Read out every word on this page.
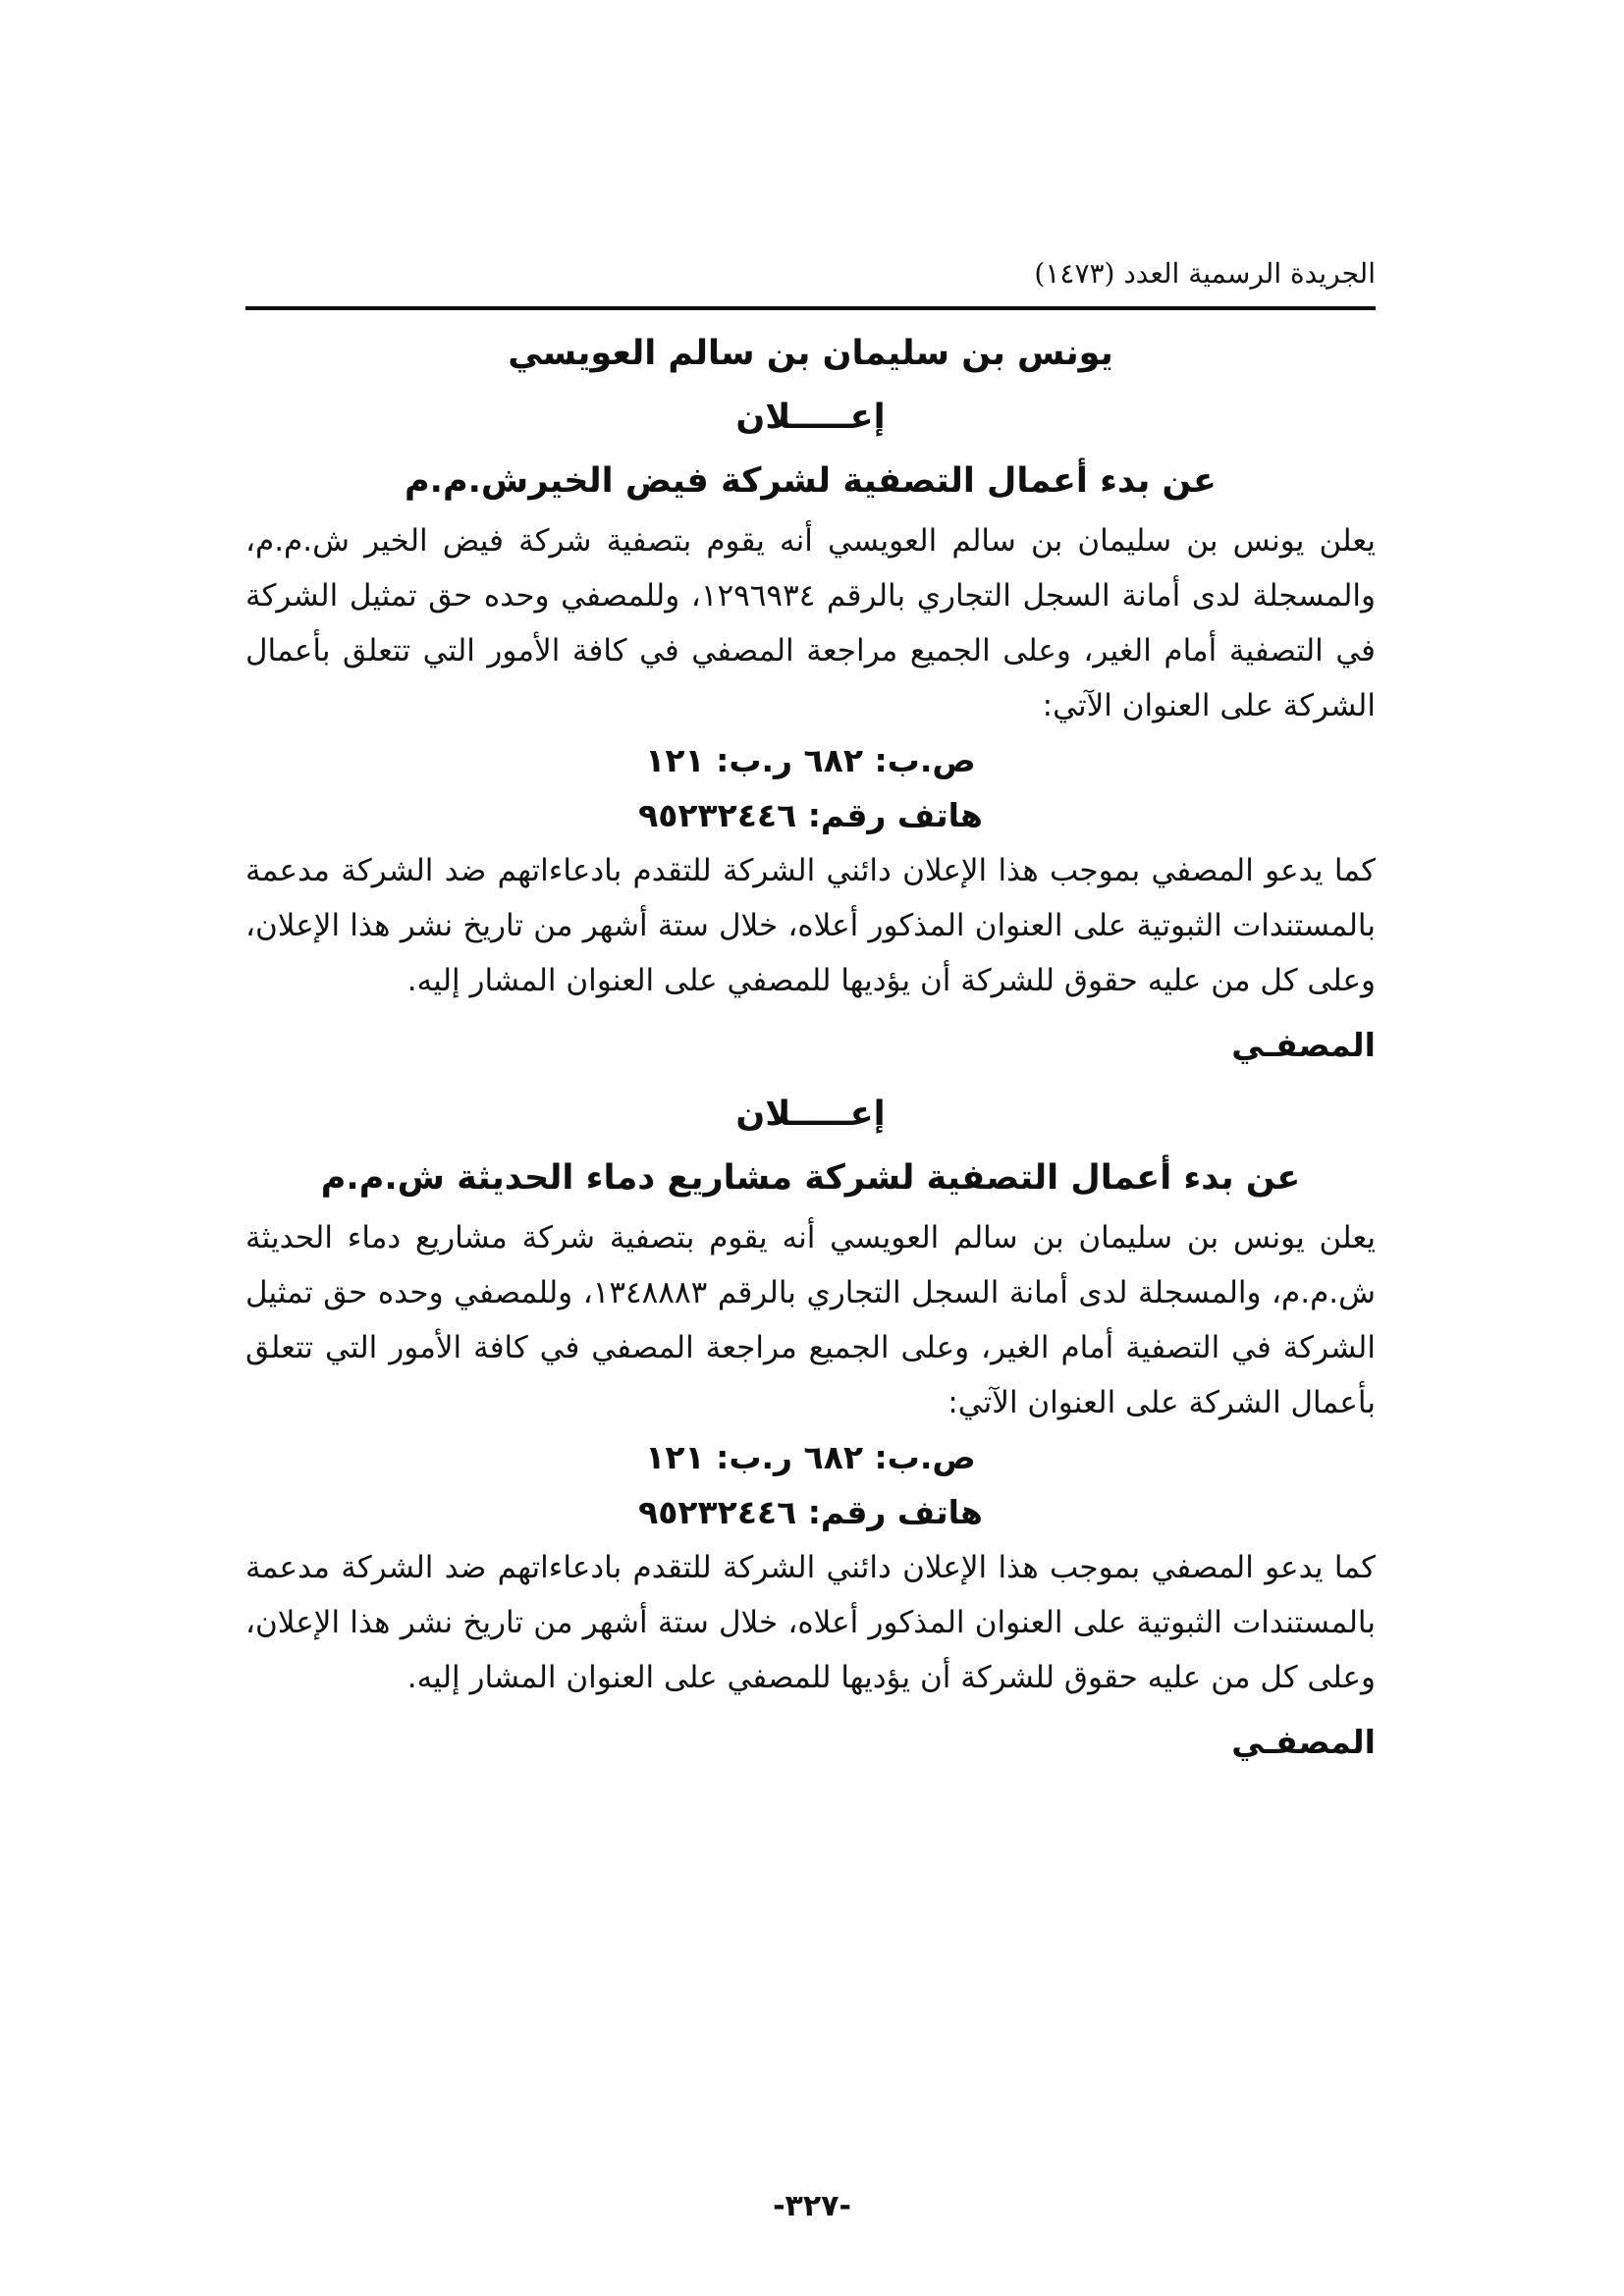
الجريدة الرسمية العدد (١٤٧٣)
يونس بن سليمان بن سالم العويسي
إعـــــلان
عن بدء أعمال التصفية لشركة فيض الخيرش.م.م

يعلن يونس بن سليمان بن سالم العويسي أنه يقوم بتصفية شركة فيض الخير ش.م.م، والمسجلة لدى أمانة السجل التجاري بالرقم ١٢٩٦٩٣٤، وللمصفي وحده حق تمثيل الشركة في التصفية أمام الغير، وعلى الجميع مراجعة المصفي في كافة الأمور التي تتعلق بأعمال الشركة على العنوان الآتي:

ص.ب: ٦٨٢ ر.ب: ١٢١
هاتف رقم: ٩٥٢٣٢٤٤٦

كما يدعو المصفي بموجب هذا الإعلان دائني الشركة للتقدم بادعاءاتهم ضد الشركة مدعمة بالمستندات الثبوتية على العنوان المذكور أعلاه، خلال ستة أشهر من تاريخ نشر هذا الإعلان، وعلى كل من عليه حقوق للشركة أن يؤديها للمصفي على العنوان المشار إليه.

المصفـي
إعـــــلان
عن بدء أعمال التصفية لشركة مشاريع دماء الحديثة ش.م.م

يعلن يونس بن سليمان بن سالم العويسي أنه يقوم بتصفية شركة مشاريع دماء الحديثة ش.م.م، والمسجلة لدى أمانة السجل التجاري بالرقم ١٣٤٨٨٨٣، وللمصفي وحده حق تمثيل الشركة في التصفية أمام الغير، وعلى الجميع مراجعة المصفي في كافة الأمور التي تتعلق بأعمال الشركة على العنوان الآتي:

ص.ب: ٦٨٢ ر.ب: ١٢١
هاتف رقم: ٩٥٢٣٢٤٤٦

كما يدعو المصفي بموجب هذا الإعلان دائني الشركة للتقدم بادعاءاتهم ضد الشركة مدعمة بالمستندات الثبوتية على العنوان المذكور أعلاه، خلال ستة أشهر من تاريخ نشر هذا الإعلان، وعلى كل من عليه حقوق للشركة أن يؤديها للمصفي على العنوان المشار إليه.

المصفـي
-٣٢٧-
